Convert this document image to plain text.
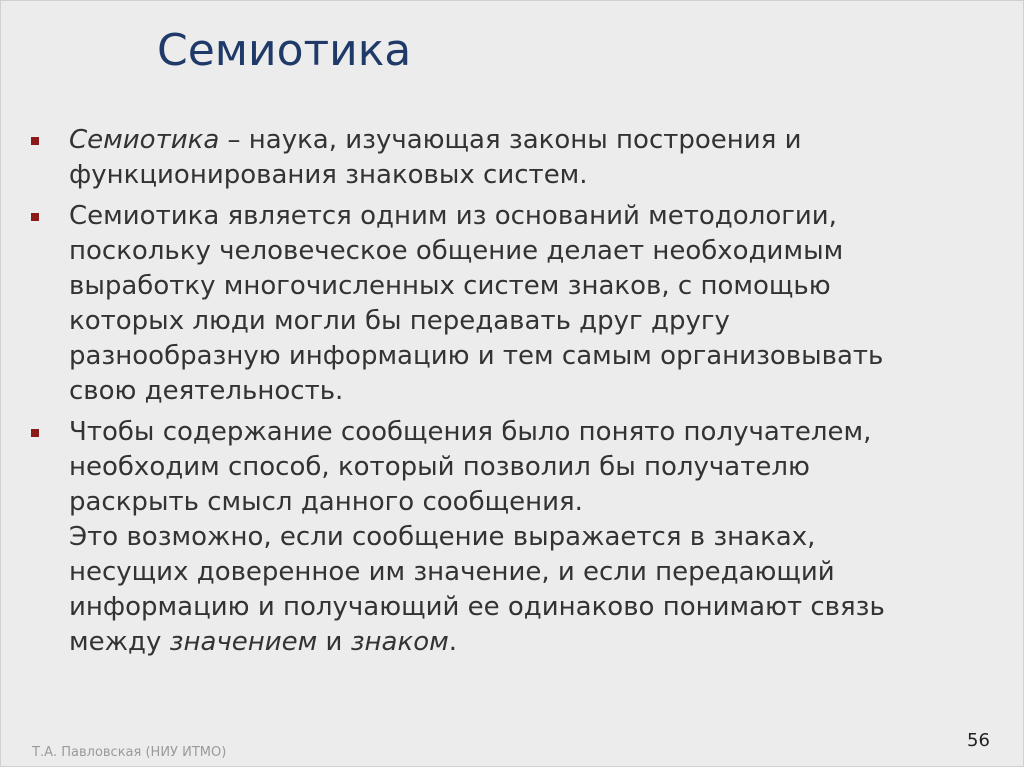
Семиотика
Семиотика – наука, изучающая законы построения и
функционирования знаковых систем.
Семиотика является одним из оснований методологии,
поскольку человеческое общение делает необходимым
выработку многочисленных систем знаков, с помощью
которых люди могли бы передавать друг другу
разнообразную информацию и тем самым организовывать
свою деятельность.
Чтобы содержание сообщения было понято получателем,
необходим способ, который позволил бы получателю
раскрыть смысл данного сообщения.
Это возможно, если сообщение выражается в знаках,
несущих доверенное им значение, и если передающий
информацию и получающий ее одинаково понимают связь
между значением и знаком.
Т.А. Павловская (НИУ ИТМО)
56
